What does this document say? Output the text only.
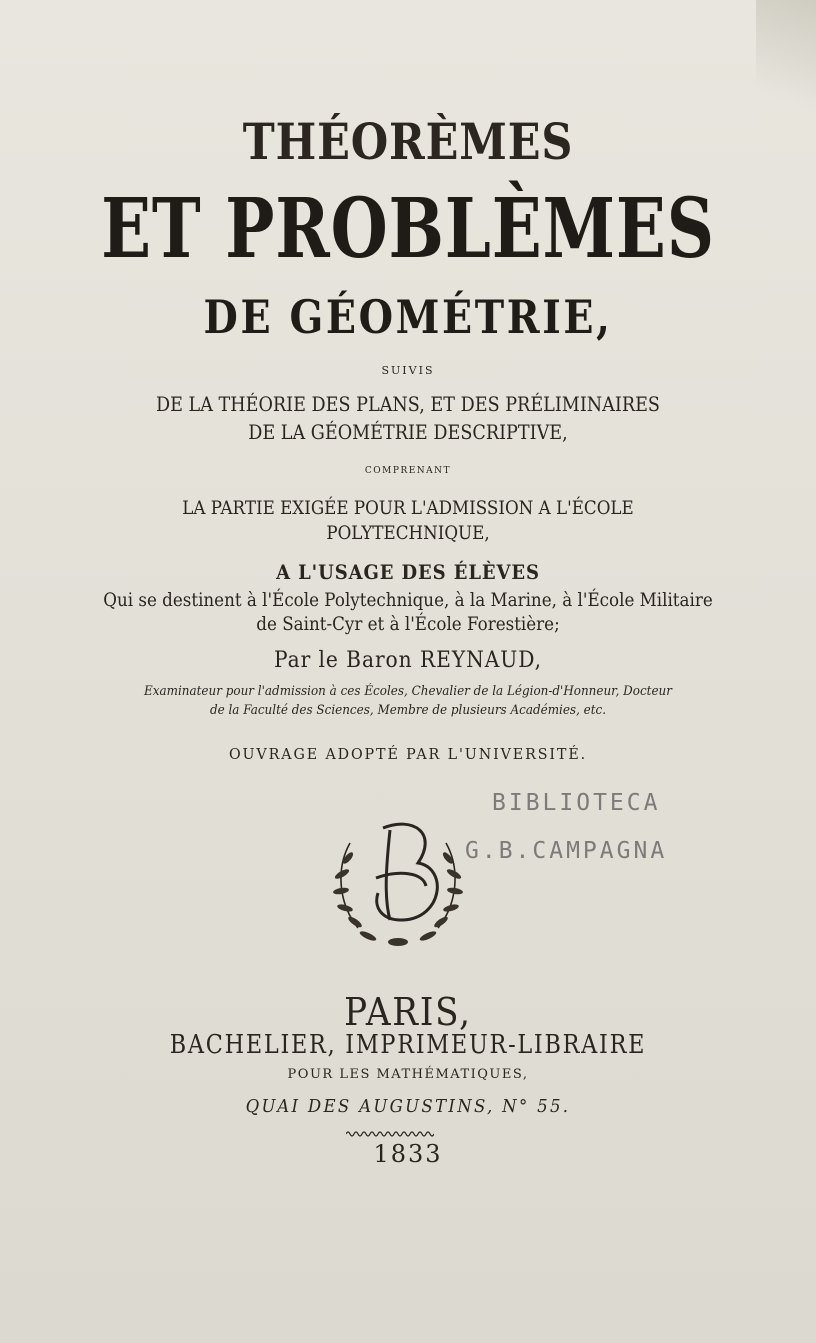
THÉORÈMES
ET PROBLÈMES
DE GÉOMÉTRIE,
SUIVIS
DE LA THÉORIE DES PLANS, ET DES PRÉLIMINAIRES
DE LA GÉOMÉTRIE DESCRIPTIVE,
COMPRENANT
LA PARTIE EXIGÉE POUR L'ADMISSION A L'ÉCOLE
POLYTECHNIQUE,
A L'USAGE DES ÉLÈVES
Qui se destinent à l'École Polytechnique, à la Marine, à l'École Militaire
de Saint-Cyr et à l'École Forestière;
Par le Baron REYNAUD,
Examinateur pour l'admission à ces Écoles, Chevalier de la Légion-d'Honneur, Docteur
de la Faculté des Sciences, Membre de plusieurs Académies, etc.
OUVRAGE ADOPTÉ PAR L'UNIVERSITÉ.
BIBLIOTECA
G.B.CAMPAGNA
PARIS,
BACHELIER, IMPRIMEUR-LIBRAIRE
POUR LES MATHÉMATIQUES,
QUAI DES AUGUSTINS, N° 55.
1833
